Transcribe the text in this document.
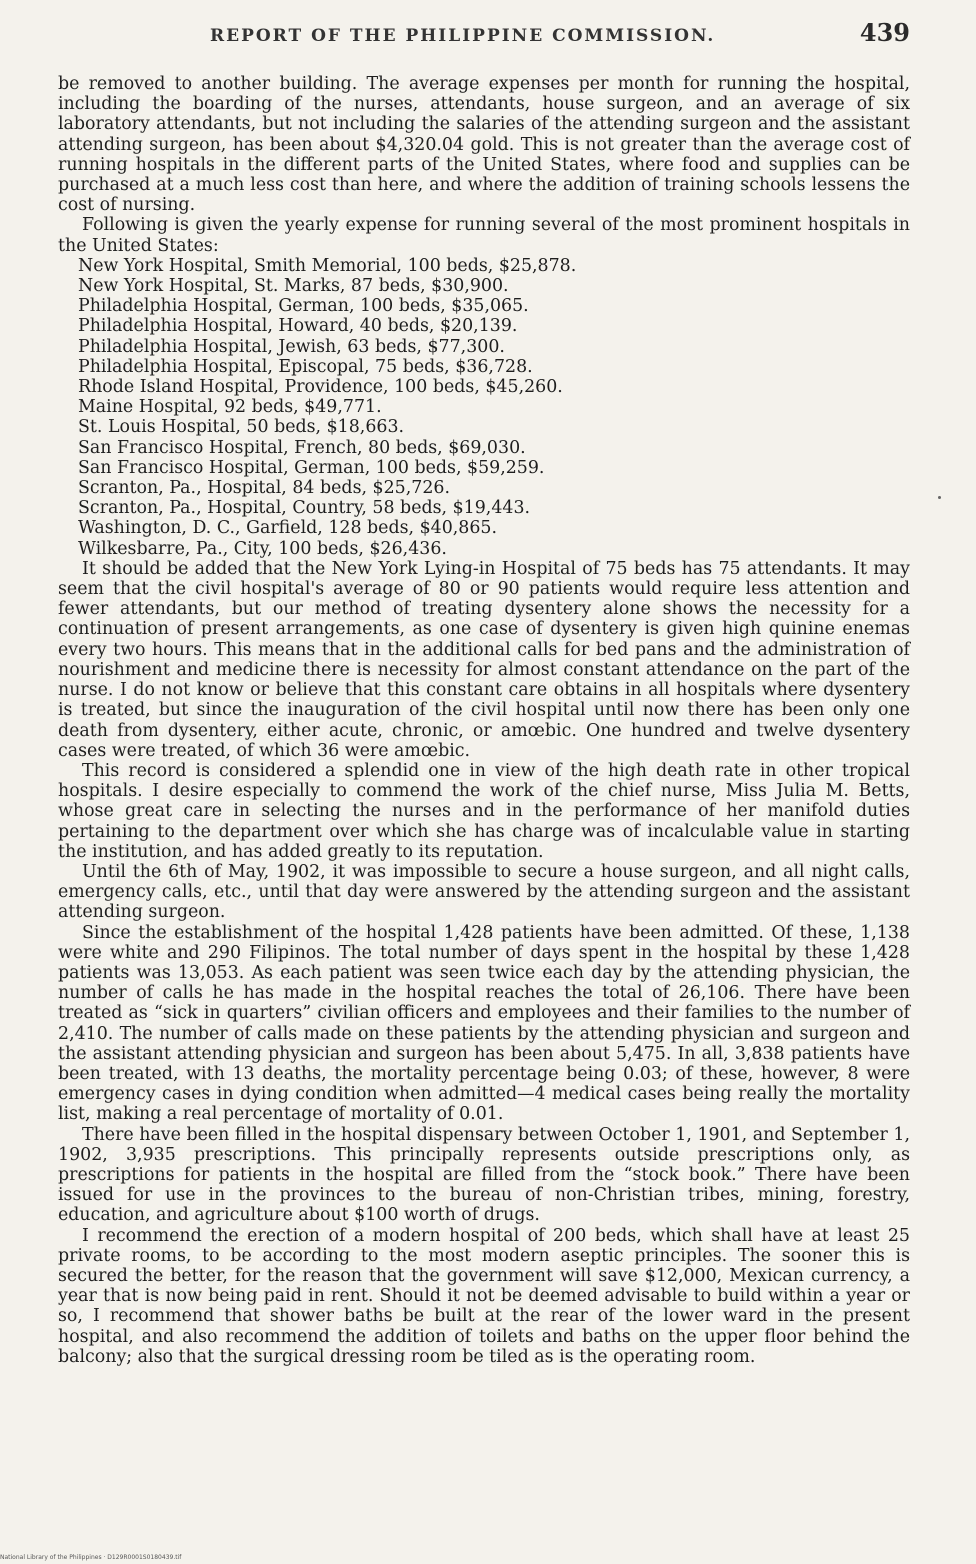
REPORT OF THE PHILIPPINE COMMISSION.	439

be removed to another building. The average expenses per month for running the hospital, including the boarding of the nurses, attendants, house surgeon, and an average of six laboratory attendants, but not including the salaries of the attending surgeon and the assistant attending surgeon, has been about $4,320.04 gold. This is not greater than the average cost of running hospitals in the different parts of the United States, where food and supplies can be purchased at a much less cost than here, and where the addition of training schools lessens the cost of nursing.

Following is given the yearly expense for running several of the most prominent hospitals in the United States:

New York Hospital, Smith Memorial, 100 beds, $25,878.
New York Hospital, St. Marks, 87 beds, $30,900.
Philadelphia Hospital, German, 100 beds, $35,065.
Philadelphia Hospital, Howard, 40 beds, $20,139.
Philadelphia Hospital, Jewish, 63 beds, $77,300.
Philadelphia Hospital, Episcopal, 75 beds, $36,728.
Rhode Island Hospital, Providence, 100 beds, $45,260.
Maine Hospital, 92 beds, $49,771.
St. Louis Hospital, 50 beds, $18,663.
San Francisco Hospital, French, 80 beds, $69,030.
San Francisco Hospital, German, 100 beds, $59,259.
Scranton, Pa., Hospital, 84 beds, $25,726.
Scranton, Pa., Hospital, Country, 58 beds, $19,443.
Washington, D. C., Garfield, 128 beds, $40,865.
Wilkesbarre, Pa., City, 100 beds, $26,436.

It should be added that the New York Lying-in Hospital of 75 beds has 75 attendants. It may seem that the civil hospital's average of 80 or 90 patients would require less attention and fewer attendants, but our method of treating dysentery alone shows the necessity for a continuation of present arrangements, as one case of dysentery is given high quinine enemas every two hours. This means that in the additional calls for bed pans and the administration of nourishment and medicine there is necessity for almost constant attendance on the part of the nurse. I do not know or believe that this constant care obtains in all hospitals where dysentery is treated, but since the inauguration of the civil hospital until now there has been only one death from dysentery, either acute, chronic, or amœbic. One hundred and twelve dysentery cases were treated, of which 36 were amœbic.

This record is considered a splendid one in view of the high death rate in other tropical hospitals. I desire especially to commend the work of the chief nurse, Miss Julia M. Betts, whose great care in selecting the nurses and in the performance of her manifold duties pertaining to the department over which she has charge was of incalculable value in starting the institution, and has added greatly to its reputation.

Until the 6th of May, 1902, it was impossible to secure a house surgeon, and all night calls, emergency calls, etc., until that day were answered by the attending surgeon and the assistant attending surgeon.

Since the establishment of the hospital 1,428 patients have been admitted. Of these, 1,138 were white and 290 Filipinos. The total number of days spent in the hospital by these 1,428 patients was 13,053. As each patient was seen twice each day by the attending physician, the number of calls he has made in the hospital reaches the total of 26,106. There have been treated as “sick in quarters” civilian officers and employees and their families to the number of 2,410. The number of calls made on these patients by the attending physician and surgeon and the assistant attending physician and surgeon has been about 5,475. In all, 3,838 patients have been treated, with 13 deaths, the mortality percentage being 0.03; of these, however, 8 were emergency cases in dying condition when admitted—4 medical cases being really the mortality list, making a real percentage of mortality of 0.01.

There have been filled in the hospital dispensary between October 1, 1901, and September 1, 1902, 3,935 prescriptions. This principally represents outside prescriptions only, as prescriptions for patients in the hospital are filled from the “stock book.” There have been issued for use in the provinces to the bureau of non-Christian tribes, mining, forestry, education, and agriculture about $100 worth of drugs.

I recommend the erection of a modern hospital of 200 beds, which shall have at least 25 private rooms, to be according to the most modern aseptic principles. The sooner this is secured the better, for the reason that the government will save $12,000, Mexican currency, a year that is now being paid in rent. Should it not be deemed advisable to build within a year or so, I recommend that shower baths be built at the rear of the lower ward in the present hospital, and also recommend the addition of toilets and baths on the upper floor behind the balcony; also that the surgical dressing room be tiled as is the operating room.

National Library of the Philippines · D129R0001S0180439.tif
